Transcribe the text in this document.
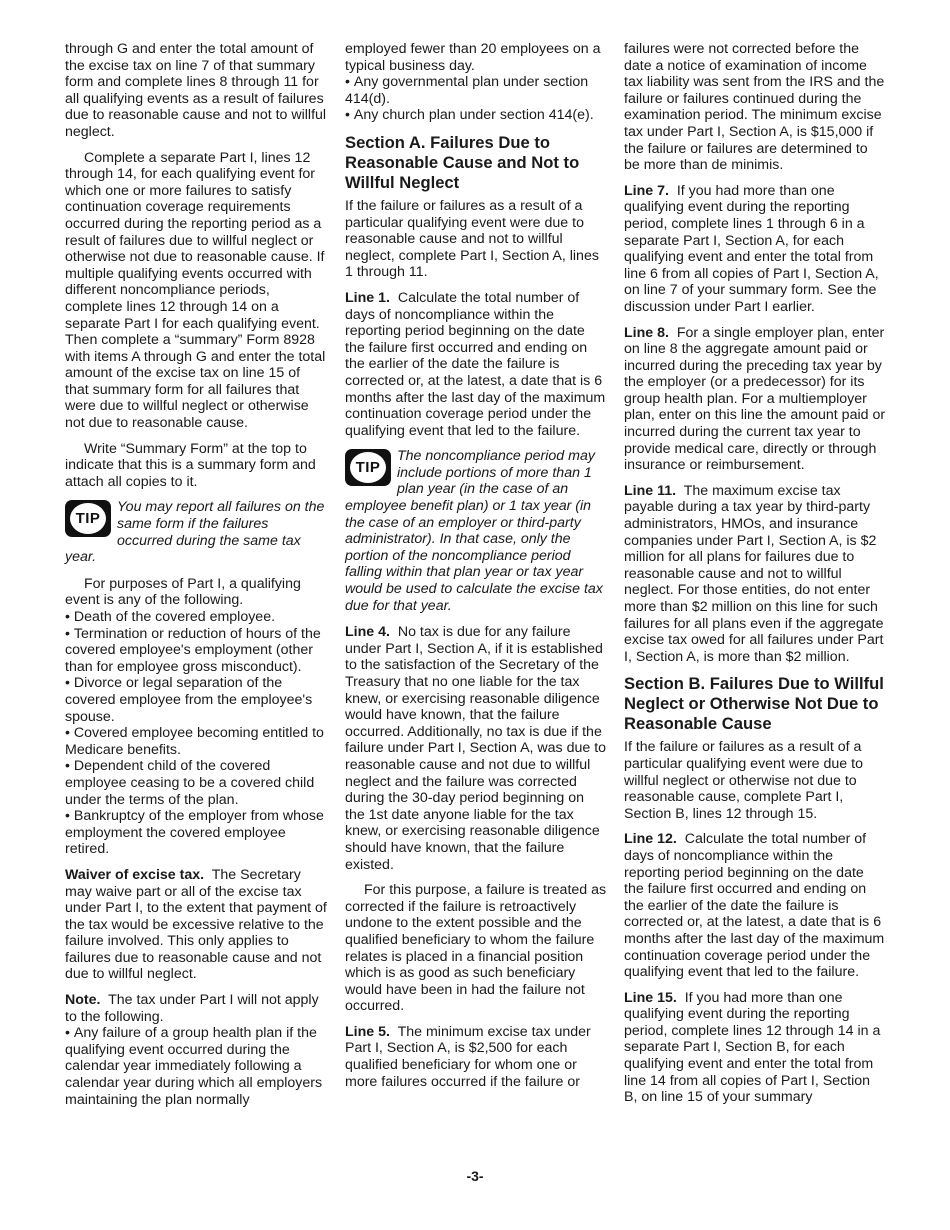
through G and enter the total amount of the excise tax on line 7 of that summary form and complete lines 8 through 11 for all qualifying events as a result of failures due to reasonable cause and not to willful neglect.

Complete a separate Part I, lines 12 through 14, for each qualifying event for which one or more failures to satisfy continuation coverage requirements occurred during the reporting period as a result of failures due to willful neglect or otherwise not due to reasonable cause. If multiple qualifying events occurred with different noncompliance periods, complete lines 12 through 14 on a separate Part I for each qualifying event. Then complete a “summary” Form 8928 with items A through G and enter the total amount of the excise tax on line 15 of that summary form for all failures that were due to willful neglect or otherwise not due to reasonable cause.

Write “Summary Form” at the top to indicate that this is a summary form and attach all copies to it.

TIP
You may report all failures on the same form if the failures occurred during the same tax year.

For purposes of Part I, a qualifying event is any of the following.

• Death of the covered employee.
• Termination or reduction of hours of the covered employee's employment (other than for employee gross misconduct).
• Divorce or legal separation of the covered employee from the employee's spouse.
• Covered employee becoming entitled to Medicare benefits.
• Dependent child of the covered employee ceasing to be a covered child under the terms of the plan.
• Bankruptcy of the employer from whose employment the covered employee retired.

Waiver of excise tax. The Secretary may waive part or all of the excise tax under Part I, to the extent that payment of the tax would be excessive relative to the failure involved. This only applies to failures due to reasonable cause and not due to willful neglect.

Note. The tax under Part I will not apply to the following.

• Any failure of a group health plan if the qualifying event occurred during the calendar year immediately following a calendar year during which all employers maintaining the plan normally

employed fewer than 20 employees on a typical business day.

• Any governmental plan under section 414(d).
• Any church plan under section 414(e).
Section A. Failures Due to Reasonable Cause and Not to Willful Neglect

If the failure or failures as a result of a particular qualifying event were due to reasonable cause and not to willful neglect, complete Part I, Section A, lines 1 through 11.

Line 1. Calculate the total number of days of noncompliance within the reporting period beginning on the date the failure first occurred and ending on the earlier of the date the failure is corrected or, at the latest, a date that is 6 months after the last day of the maximum continuation coverage period under the qualifying event that led to the failure.

TIP
The noncompliance period may include portions of more than 1 plan year (in the case of an employee benefit plan) or 1 tax year (in the case of an employer or third-party administrator). In that case, only the portion of the noncompliance period falling within that plan year or tax year would be used to calculate the excise tax due for that year.

Line 4. No tax is due for any failure under Part I, Section A, if it is established to the satisfaction of the Secretary of the Treasury that no one liable for the tax knew, or exercising reasonable diligence would have known, that the failure occurred. Additionally, no tax is due if the failure under Part I, Section A, was due to reasonable cause and not due to willful neglect and the failure was corrected during the 30-day period beginning on the 1st date anyone liable for the tax knew, or exercising reasonable diligence should have known, that the failure existed.

For this purpose, a failure is treated as corrected if the failure is retroactively undone to the extent possible and the qualified beneficiary to whom the failure relates is placed in a financial position which is as good as such beneficiary would have been in had the failure not occurred.

Line 5. The minimum excise tax under Part I, Section A, is $2,500 for each qualified beneficiary for whom one or more failures occurred if the failure or

failures were not corrected before the date a notice of examination of income tax liability was sent from the IRS and the failure or failures continued during the examination period. The minimum excise tax under Part I, Section A, is $15,000 if the failure or failures are determined to be more than de minimis.

Line 7. If you had more than one qualifying event during the reporting period, complete lines 1 through 6 in a separate Part I, Section A, for each qualifying event and enter the total from line 6 from all copies of Part I, Section A, on line 7 of your summary form. See the discussion under Part I earlier.

Line 8. For a single employer plan, enter on line 8 the aggregate amount paid or incurred during the preceding tax year by the employer (or a predecessor) for its group health plan. For a multiemployer plan, enter on this line the amount paid or incurred during the current tax year to provide medical care, directly or through insurance or reimbursement.

Line 11. The maximum excise tax payable during a tax year by third-party administrators, HMOs, and insurance companies under Part I, Section A, is $2 million for all plans for failures due to reasonable cause and not to willful neglect. For those entities, do not enter more than $2 million on this line for such failures for all plans even if the aggregate excise tax owed for all failures under Part I, Section A, is more than $2 million.

Section B. Failures Due to Willful Neglect or Otherwise Not Due to Reasonable Cause

If the failure or failures as a result of a particular qualifying event were due to willful neglect or otherwise not due to reasonable cause, complete Part I, Section B, lines 12 through 15.

Line 12. Calculate the total number of days of noncompliance within the reporting period beginning on the date the failure first occurred and ending on the earlier of the date the failure is corrected or, at the latest, a date that is 6 months after the last day of the maximum continuation coverage period under the qualifying event that led to the failure.

Line 15. If you had more than one qualifying event during the reporting period, complete lines 12 through 14 in a separate Part I, Section B, for each qualifying event and enter the total from line 14 from all copies of Part I, Section B, on line 15 of your summary

-3-
